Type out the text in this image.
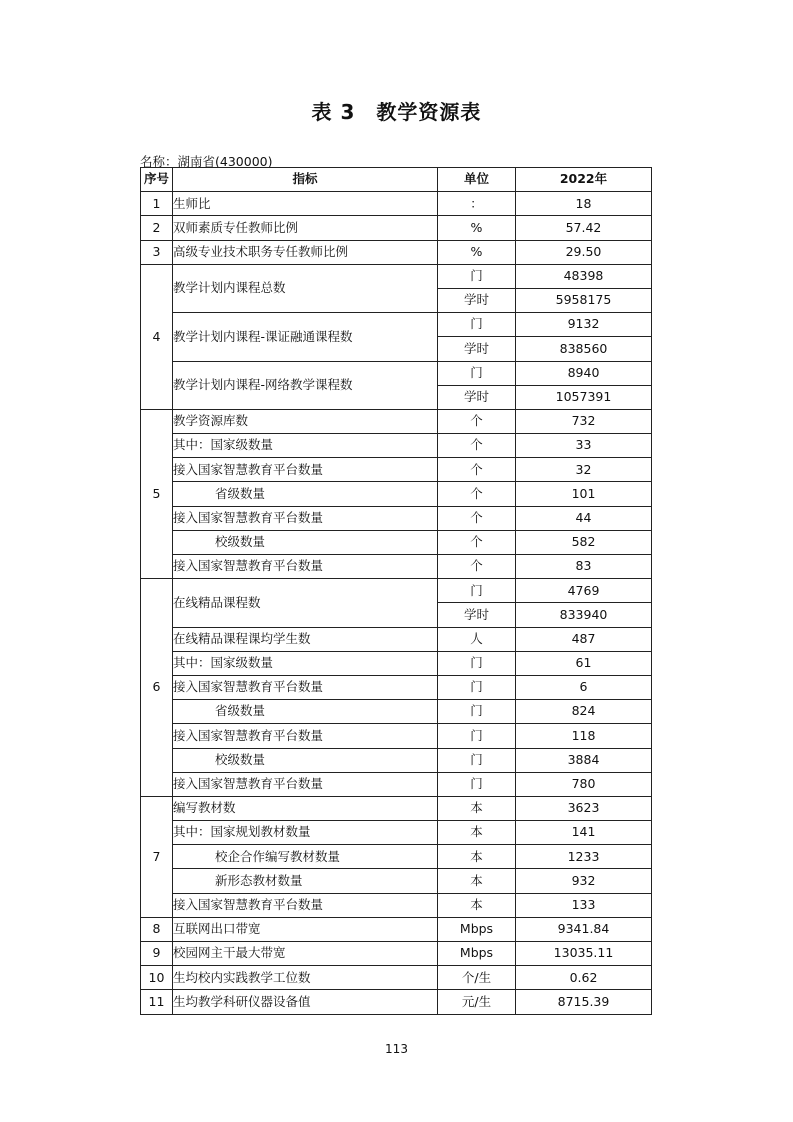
表 3　教学资源表
名称：湖南省(430000)
序号	指标	单位	2022年
1	生师比	：	18
2	双师素质专任教师比例	%	57.42
3	高级专业技术职务专任教师比例	%	29.50
4	教学计划内课程总数	门	48398
		学时	5958175
	教学计划内课程-课证融通课程数	门	9132
		学时	838560
	教学计划内课程-网络教学课程数	门	8940
		学时	1057391
5	教学资源库数	个	732
	其中：国家级数量	个	33
	接入国家智慧教育平台数量	个	32
	省级数量	个	101
	接入国家智慧教育平台数量	个	44
	校级数量	个	582
	接入国家智慧教育平台数量	个	83
6	在线精品课程数	门	4769
		学时	833940
	在线精品课程课均学生数	人	487
	其中：国家级数量	门	61
	接入国家智慧教育平台数量	门	6
	省级数量	门	824
	接入国家智慧教育平台数量	门	118
	校级数量	门	3884
	接入国家智慧教育平台数量	门	780
7	编写教材数	本	3623
	其中：国家规划教材数量	本	141
	校企合作编写教材数量	本	1233
	新形态教材数量	本	932
	接入国家智慧教育平台数量	本	133
8	互联网出口带宽	Mbps	9341.84
9	校园网主干最大带宽	Mbps	13035.11
10	生均校内实践教学工位数	个/生	0.62
11	生均教学科研仪器设备值	元/生	8715.39
113
